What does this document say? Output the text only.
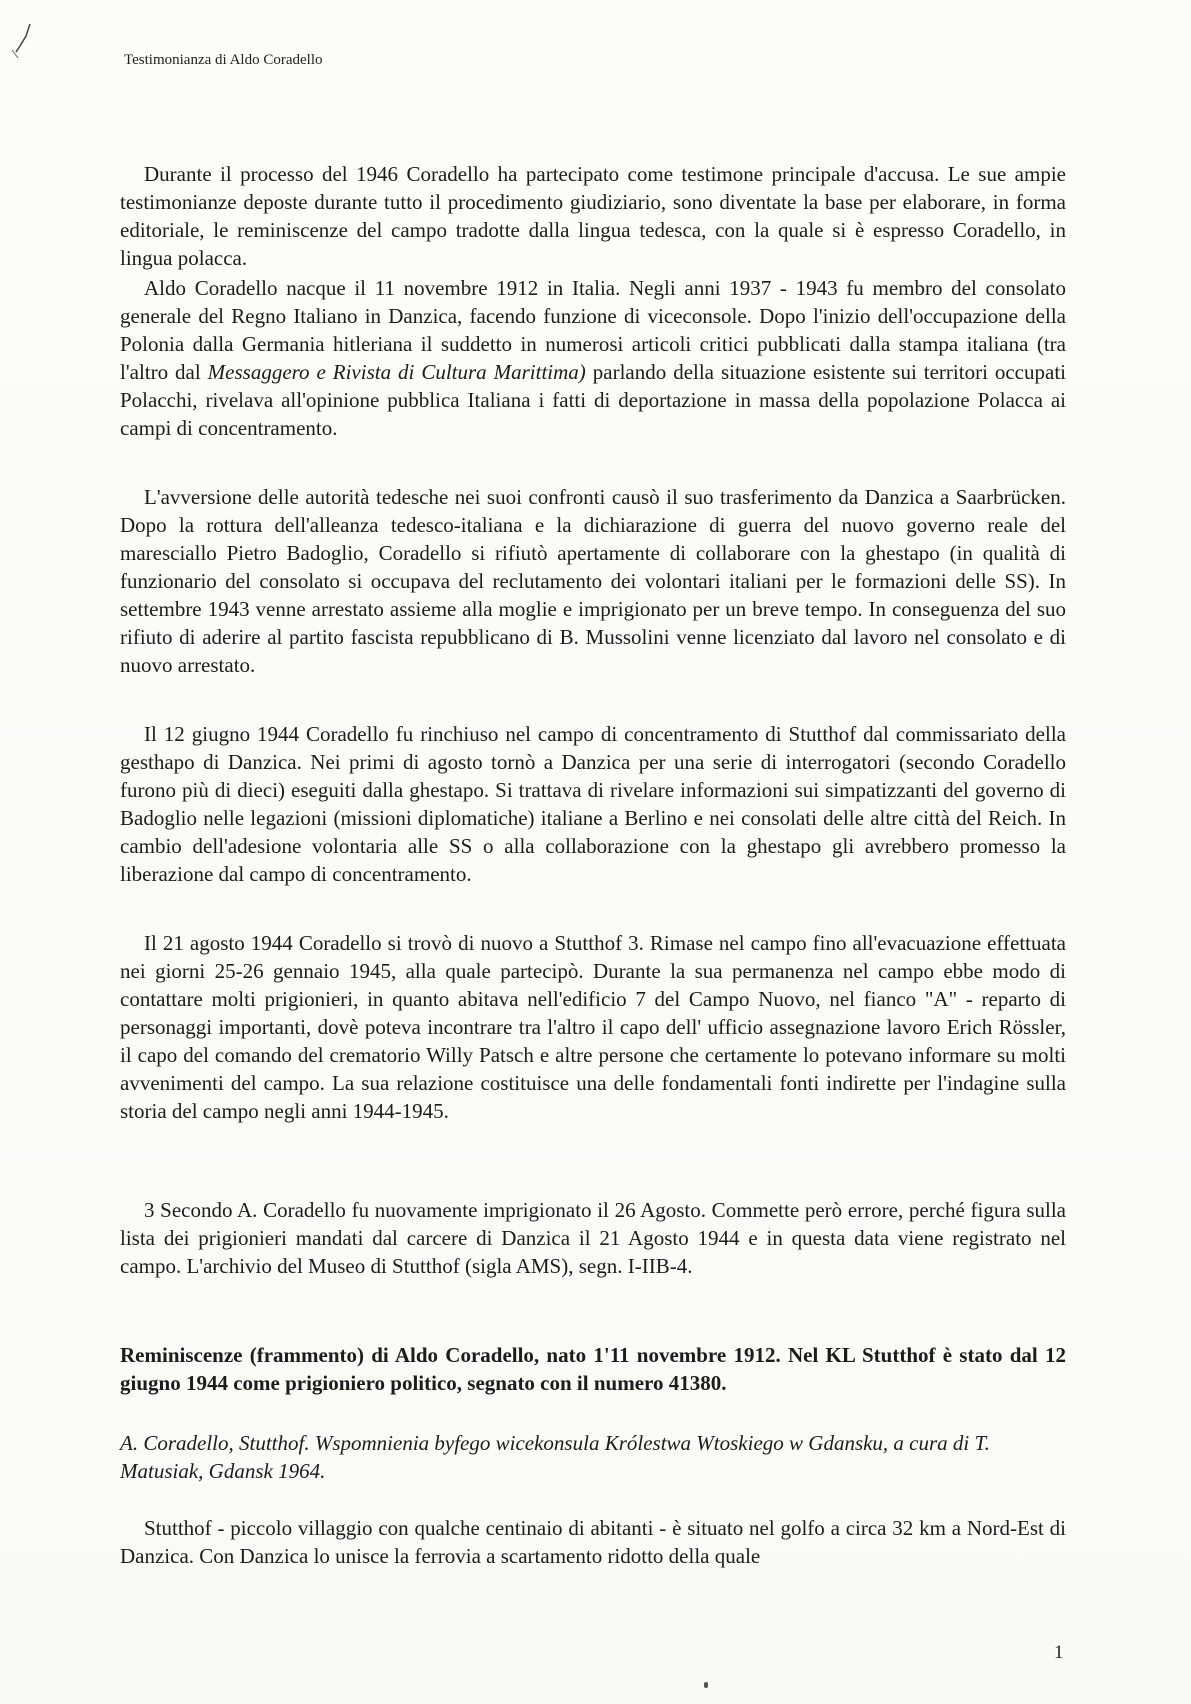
Testimonianza di Aldo Coradello

Durante il processo del 1946 Coradello ha partecipato come testimone principale d'accusa. Le sue ampie testimonianze deposte durante tutto il procedimento giudiziario, sono diventate la base per elaborare, in forma editoriale, le reminiscenze del campo tradotte dalla lingua tedesca, con la quale si è espresso Coradello, in lingua polacca.

Aldo Coradello nacque il 11 novembre 1912 in Italia. Negli anni 1937 - 1943 fu membro del consolato generale del Regno Italiano in Danzica, facendo funzione di viceconsole. Dopo l'inizio dell'occupazione della Polonia dalla Germania hitleriana il suddetto in numerosi articoli critici pubblicati dalla stampa italiana (tra l'altro dal Messaggero e Rivista di Cultura Marittima) parlando della situazione esistente sui territori occupati Polacchi, rivelava all'opinione pubblica Italiana i fatti di deportazione in massa della popolazione Polacca ai campi di concentramento.

L'avversione delle autorità tedesche nei suoi confronti causò il suo trasferimento da Danzica a Saarbrücken. Dopo la rottura dell'alleanza tedesco-italiana e la dichiarazione di guerra del nuovo governo reale del maresciallo Pietro Badoglio, Coradello si rifiutò apertamente di collaborare con la ghestapo (in qualità di funzionario del consolato si occupava del reclutamento dei volontari italiani per le formazioni delle SS). In settembre 1943 venne arrestato assieme alla moglie e imprigionato per un breve tempo. In conseguenza del suo rifiuto di aderire al partito fascista repubblicano di B. Mussolini venne licenziato dal lavoro nel consolato e di nuovo arrestato.

Il 12 giugno 1944 Coradello fu rinchiuso nel campo di concentramento di Stutthof dal commissariato della gesthapo di Danzica. Nei primi di agosto tornò a Danzica per una serie di interrogatori (secondo Coradello furono più di dieci) eseguiti dalla ghestapo. Si trattava di rivelare informazioni sui simpatizzanti del governo di Badoglio nelle legazioni (missioni diplomatiche) italiane a Berlino e nei consolati delle altre città del Reich. In cambio dell'adesione volontaria alle SS o alla collaborazione con la ghestapo gli avrebbero promesso la liberazione dal campo di concentramento.

Il 21 agosto 1944 Coradello si trovò di nuovo a Stutthof 3. Rimase nel campo fino all'evacuazione effettuata nei giorni 25-26 gennaio 1945, alla quale partecipò. Durante la sua permanenza nel campo ebbe modo di contattare molti prigionieri, in quanto abitava nell'edificio 7 del Campo Nuovo, nel fianco "A" - reparto di personaggi importanti, dovè poteva incontrare tra l'altro il capo dell' ufficio assegnazione lavoro Erich Rössler, il capo del comando del crematorio Willy Patsch e altre persone che certamente lo potevano informare su molti avvenimenti del campo. La sua relazione costituisce una delle fondamentali fonti indirette per l'indagine sulla storia del campo negli anni 1944-1945.

3 Secondo A. Coradello fu nuovamente imprigionato il 26 Agosto. Commette però errore, perché figura sulla lista dei prigionieri mandati dal carcere di Danzica il 21 Agosto 1944 e in questa data viene registrato nel campo. L'archivio del Museo di Stutthof (sigla AMS), segn. I-IIB-4.

Reminiscenze (frammento) di Aldo Coradello, nato 1'11 novembre 1912. Nel KL Stutthof è stato dal 12 giugno 1944 come prigioniero politico, segnato con il numero 41380.

A. Coradello, Stutthof. Wspomnienia byfego wicekonsula Królestwa Wtoskiego w Gdansku, a cura di T. Matusiak, Gdansk 1964.

Stutthof - piccolo villaggio con qualche centinaio di abitanti - è situato nel golfo a circa 32 km a Nord-Est di Danzica. Con Danzica lo unisce la ferrovia a scartamento ridotto della quale

1
